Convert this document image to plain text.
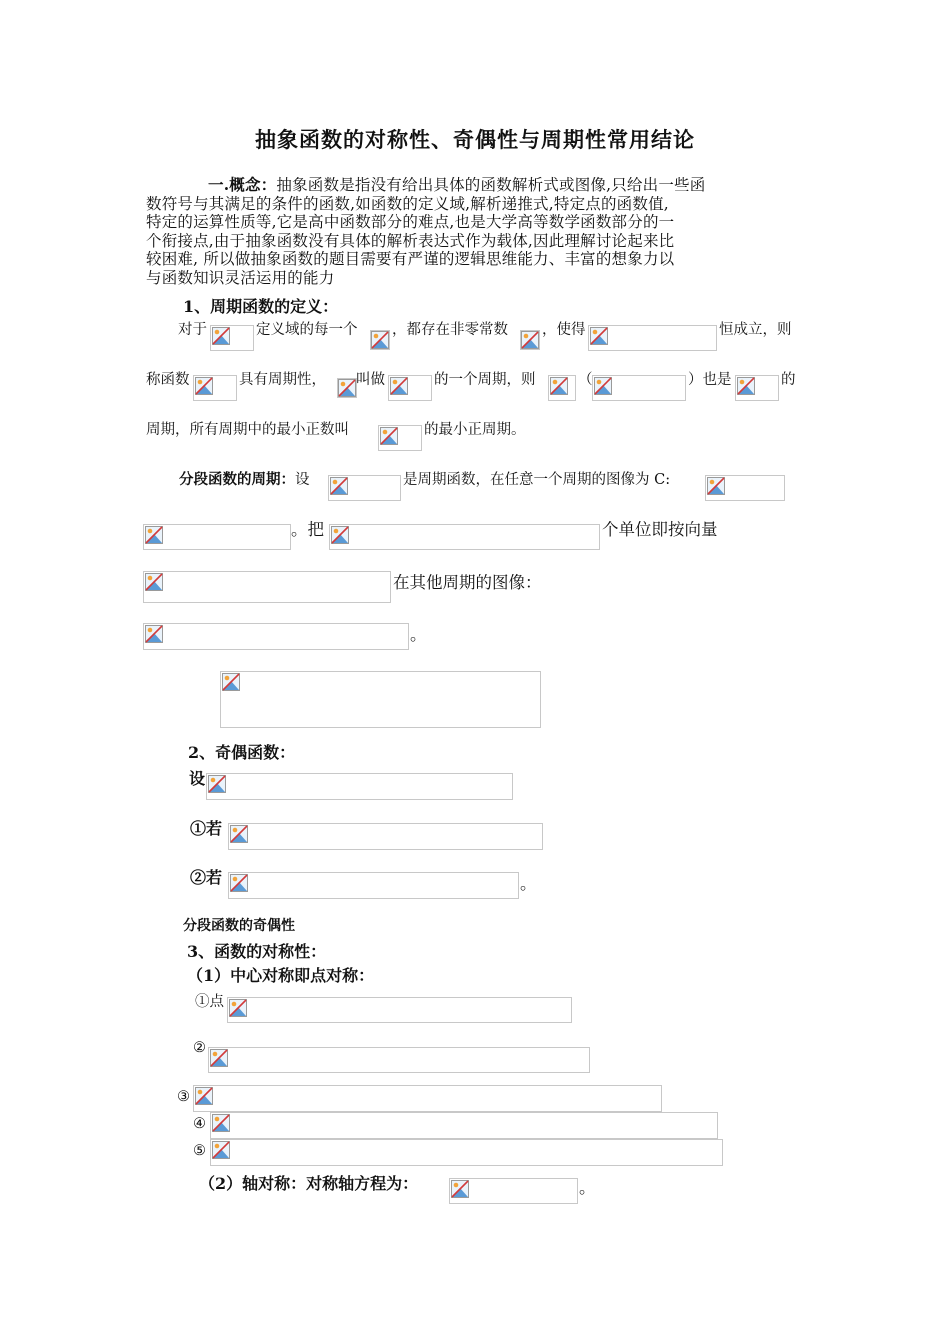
抽象函数的对称性、奇偶性与周期性常用结论
一.概念：抽象函数是指没有给出具体的函数解析式或图像,只给出一些函
数符号与其满足的条件的函数,如函数的定义域,解析递推式,特定点的函数值,
特定的运算性质等,它是高中函数部分的难点,也是大学高等数学函数部分的一
个衔接点,由于抽象函数没有具体的解析表达式作为载体,因此理解讨论起来比
较困难, 所以做抽象函数的题目需要有严谨的逻辑思维能力、丰富的想象力以
与函数知识灵活运用的能力
1、周期函数的定义：
对于	定义域的每一个 ，都存在非零常数 ，使得	恒成立，则
称函数	具有周期性， 叫做	的一个周期，则	（	）也是	的
周期，所有周期中的最小正数叫	的最小正周期。
分段函数的周期：设	是周期函数，在任意一个周期的图像为 C:
。把	个单位即按向量
在其他周期的图像：
。
2、奇偶函数：
设
①若
②若	。
分段函数的奇偶性
3、函数的对称性：
（1）中心对称即点对称：
①点
②
③
④
⑤
（2）轴对称：对称轴方程为：	。
